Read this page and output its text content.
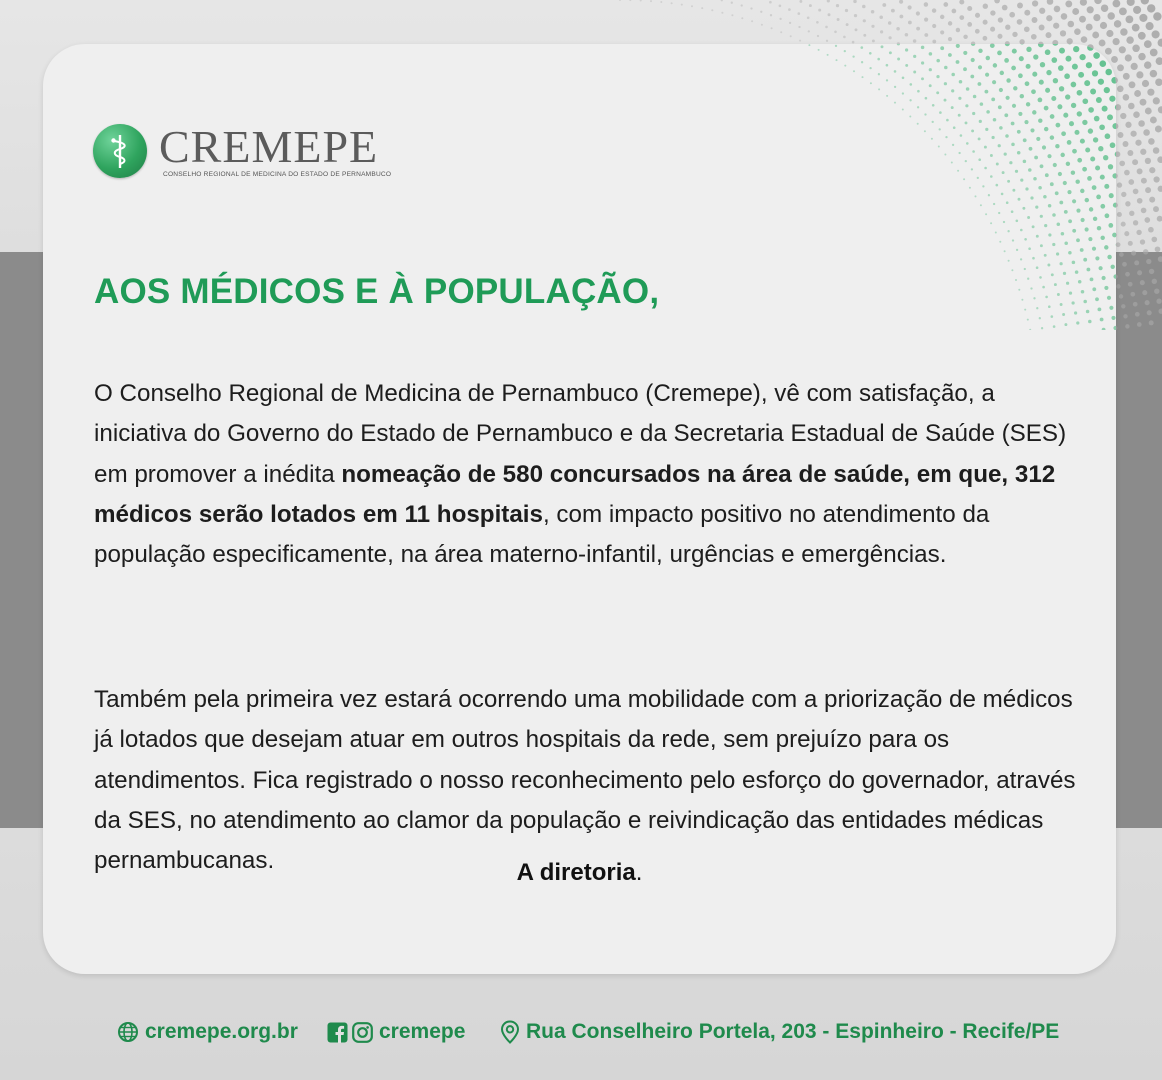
CREMEPE
CONSELHO REGIONAL DE MEDICINA DO ESTADO DE PERNAMBUCO
AOS MÉDICOS E À POPULAÇÃO,
O Conselho Regional de Medicina de Pernambuco (Cremepe), vê com satisfação, a iniciativa do Governo do Estado de Pernambuco e da Secretaria Estadual de Saúde (SES) em promover a inédita nomeação de 580 concursados na área de saúde, em que, 312 médicos serão lotados em 11 hospitais, com impacto positivo no atendimento da população especificamente, na área materno-infantil, urgências e emergências.
Também pela primeira vez estará ocorrendo uma mobilidade com a priorização de médicos já lotados que desejam atuar em outros hospitais da rede, sem prejuízo para os atendimentos. Fica registrado o nosso reconhecimento pelo esforço do governador, através da SES, no atendimento ao clamor da população e reivindicação das entidades médicas pernambucanas.	A diretoria.
cremepe.org.br	cremepe	Rua Conselheiro Portela, 203 - Espinheiro - Recife/PE
